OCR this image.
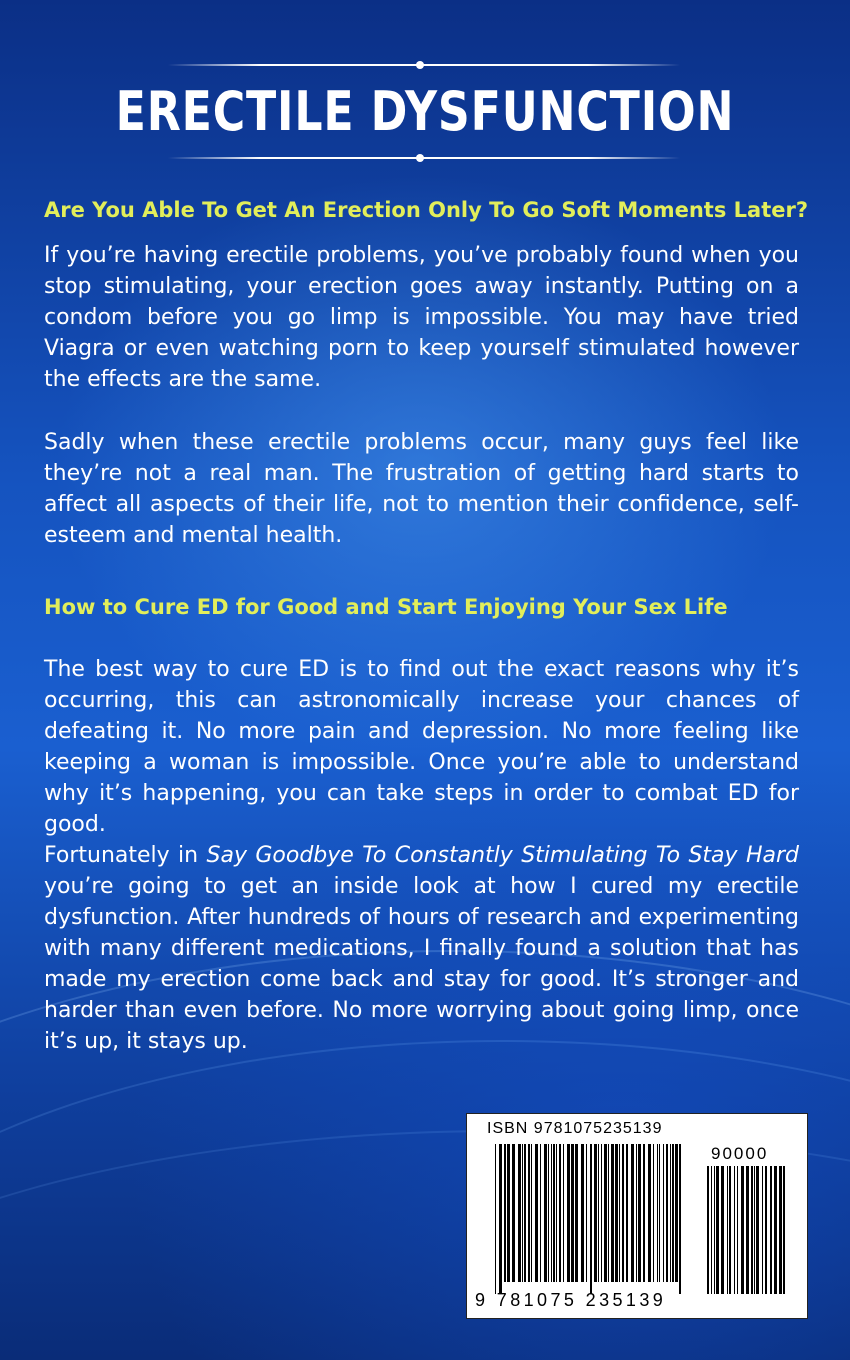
ERECTILE DYSFUNCTION
Are You Able To Get An Erection Only To Go Soft Moments Later?

If you’re having erectile problems, you’ve probably found when you stop stimulating, your erection goes away instantly. Putting on a condom before you go limp is impossible. You may have tried Viagra or even watching porn to keep yourself stimulated however the effects are the same.

Sadly when these erectile problems occur, many guys feel like they’re not a real man. The frustration of getting hard starts to affect all aspects of their life, not to mention their confidence, self-esteem and mental health.

How to Cure ED for Good and Start Enjoying Your Sex Life

The best way to cure ED is to find out the exact reasons why it’s occurring, this can astronomically increase your chances of defeating it. No more pain and depression. No more feeling like keeping a woman is impossible. Once you’re able to understand why it’s happening, you can take steps in order to combat ED for good.

Fortunately in Say Goodbye To Constantly Stimulating To Stay Hard you’re going to get an inside look at how I cured my erectile dysfunction. After hundreds of hours of research and experimenting with many different medications, I finally found a solution that has made my erection come back and stay for good. It’s stronger and harder than even before. No more worrying about going limp, once it’s up, it stays up.

ISBN 9781075235139
90000
9 781075 235139
